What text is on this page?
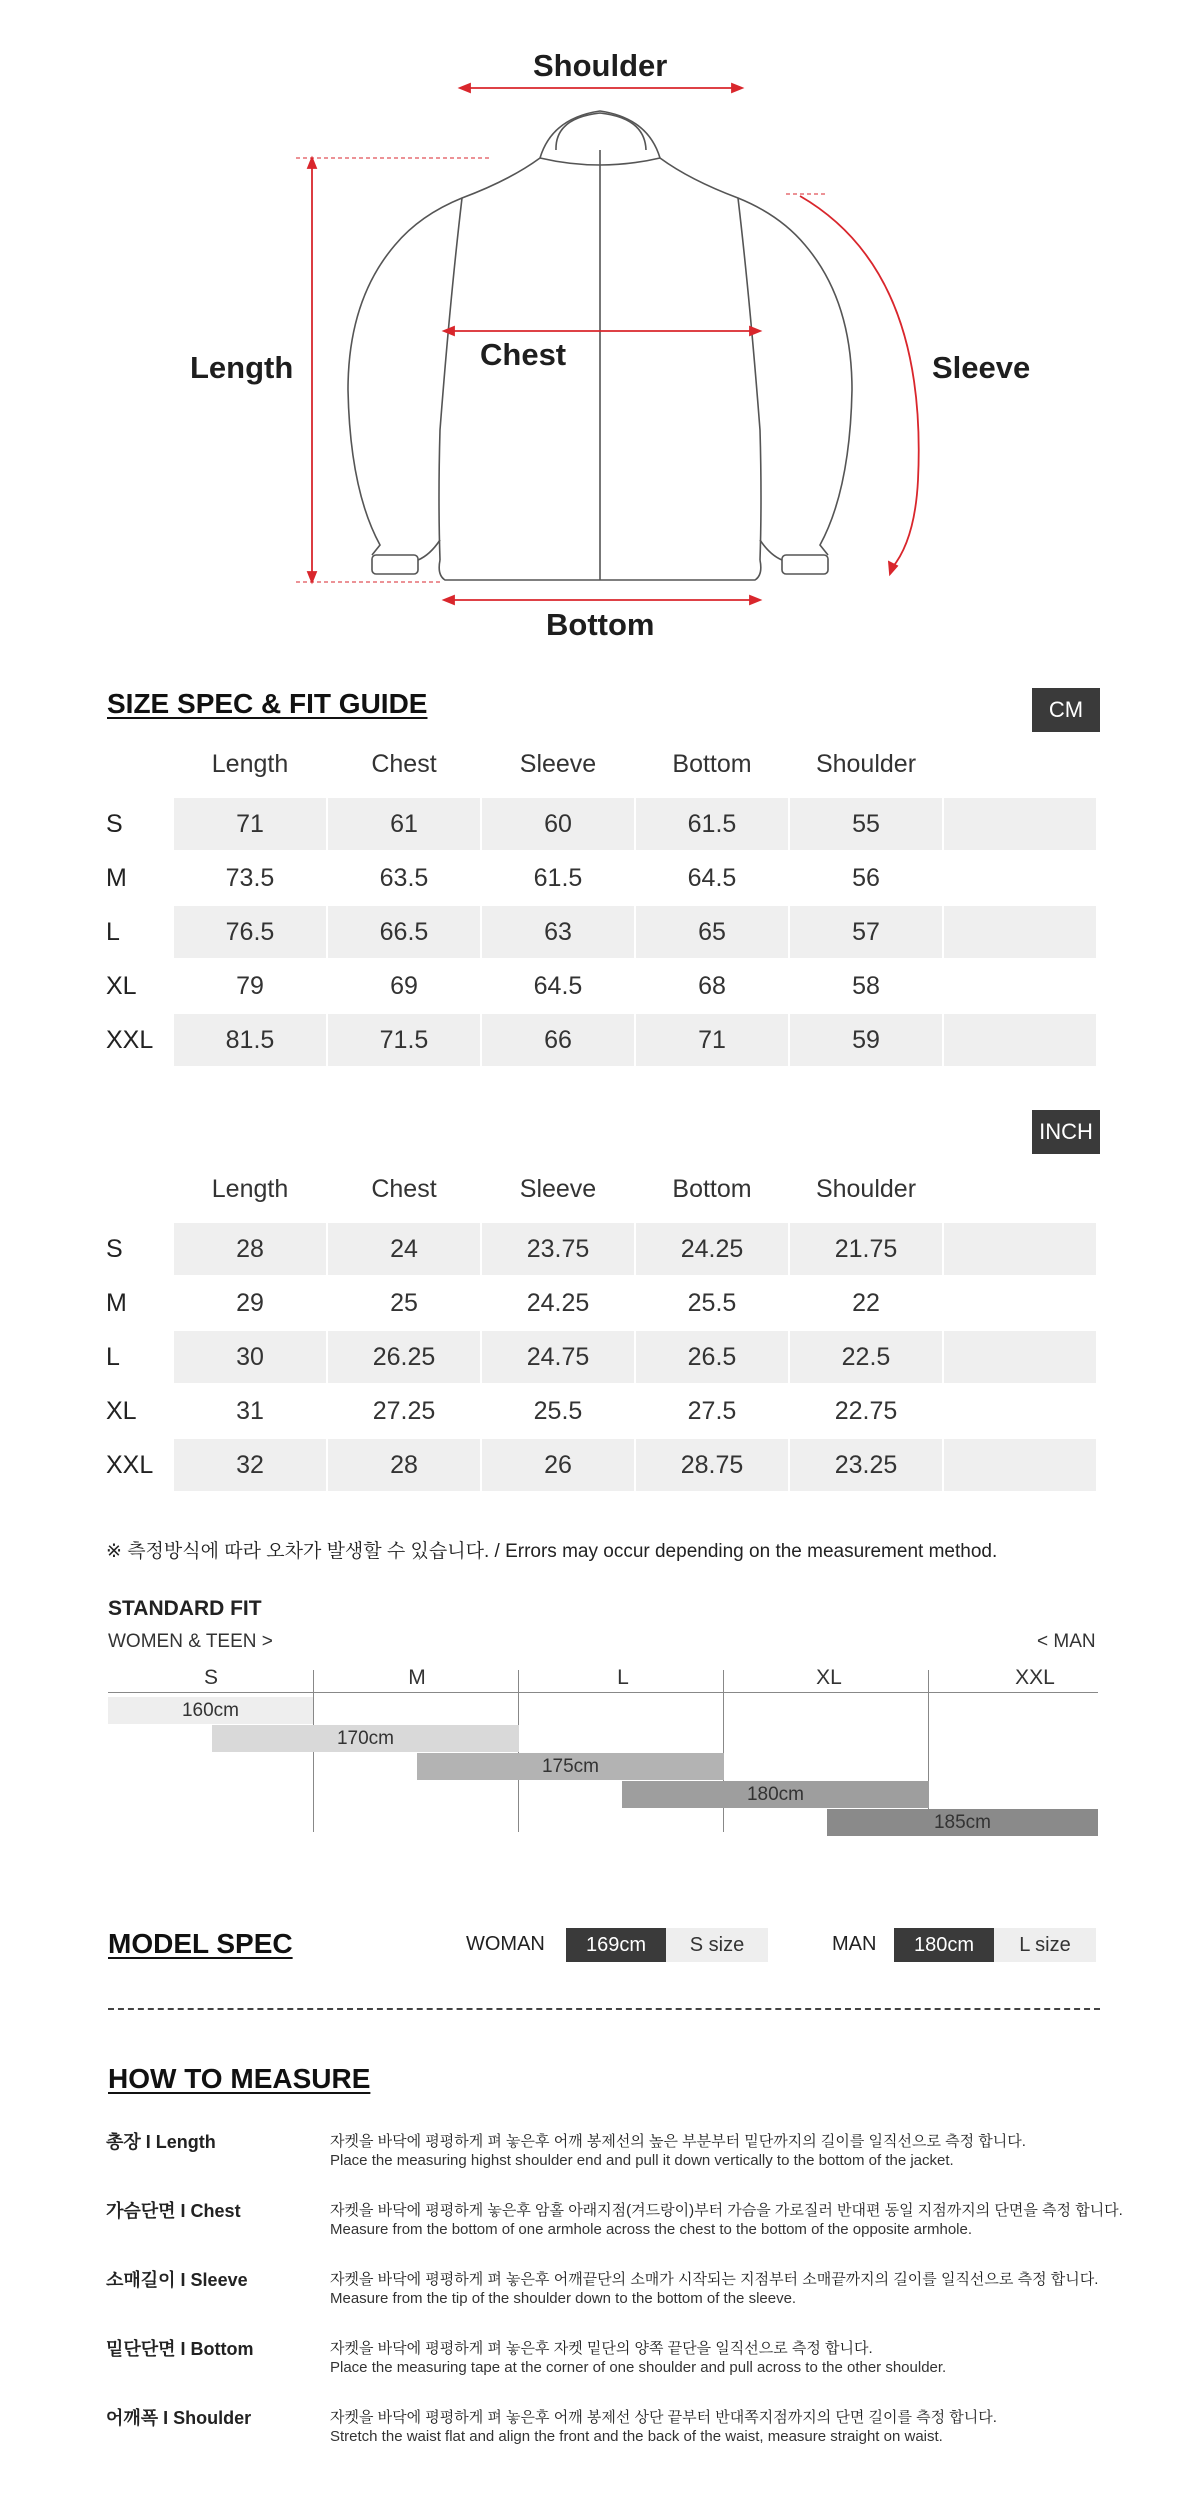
Shoulder
Chest
Length	Sleeve
Bottom
SIZE SPEC & FIT GUIDE	CM
Length	Chest	Sleeve	Bottom	Shoulder
S	71	61	60	61.5	55
M	73.5	63.5	61.5	64.5	56
L	76.5	66.5	63	65	57
XL	79	69	64.5	68	58
XXL	81.5	71.5	66	71	59
INCH
Length	Chest	Sleeve	Bottom	Shoulder
S	28	24	23.75	24.25	21.75
M	29	25	24.25	25.5	22
L	30	26.25	24.75	26.5	22.5
XL	31	27.25	25.5	27.5	22.75
XXL	32	28	26	28.75	23.25
※ 측정방식에 따라 오차가 발생할 수 있습니다. / Errors may occur depending on the measurement method.
STANDARD FIT
WOMEN & TEEN >	< MAN
S	M	L	XL	XXL
160cm
170cm
175cm
180cm
185cm
MODEL SPEC	WOMAN	169cm	S size	MAN	180cm	L size
HOW TO MEASURE
총장 I Length	자켓을 바닥에 평평하게 펴 놓은후 어깨 봉제선의 높은 부분부터 밑단까지의 길이를 일직선으로 측정 합니다.
Place the measuring highst shoulder end and pull it down vertically to the bottom of the jacket.
가슴단면 I Chest	자켓을 바닥에 평평하게 놓은후 암홀 아래지점(겨드랑이)부터 가슴을 가로질러 반대편 동일 지점까지의 단면을 측정 합니다.
Measure from the bottom of one armhole across the chest to the bottom of the opposite armhole.
소매길이 I Sleeve	자켓을 바닥에 평평하게 펴 놓은후 어깨끝단의 소매가 시작되는 지점부터 소매끝까지의 길이를 일직선으로 측정 합니다.
Measure from the tip of the shoulder down to the bottom of the sleeve.
밑단단면 I Bottom	자켓을 바닥에 평평하게 펴 놓은후 자켓 밑단의 양쪽 끝단을 일직선으로 측정 합니다.
Place the measuring tape at the corner of one shoulder and pull across to the other shoulder.
어깨폭 I Shoulder	자켓을 바닥에 평평하게 펴 놓은후 어깨 봉제선 상단 끝부터 반대쪽지점까지의 단면 길이를 측정 합니다.
Stretch the waist flat and align the front and the back of the waist, measure straight on waist.
